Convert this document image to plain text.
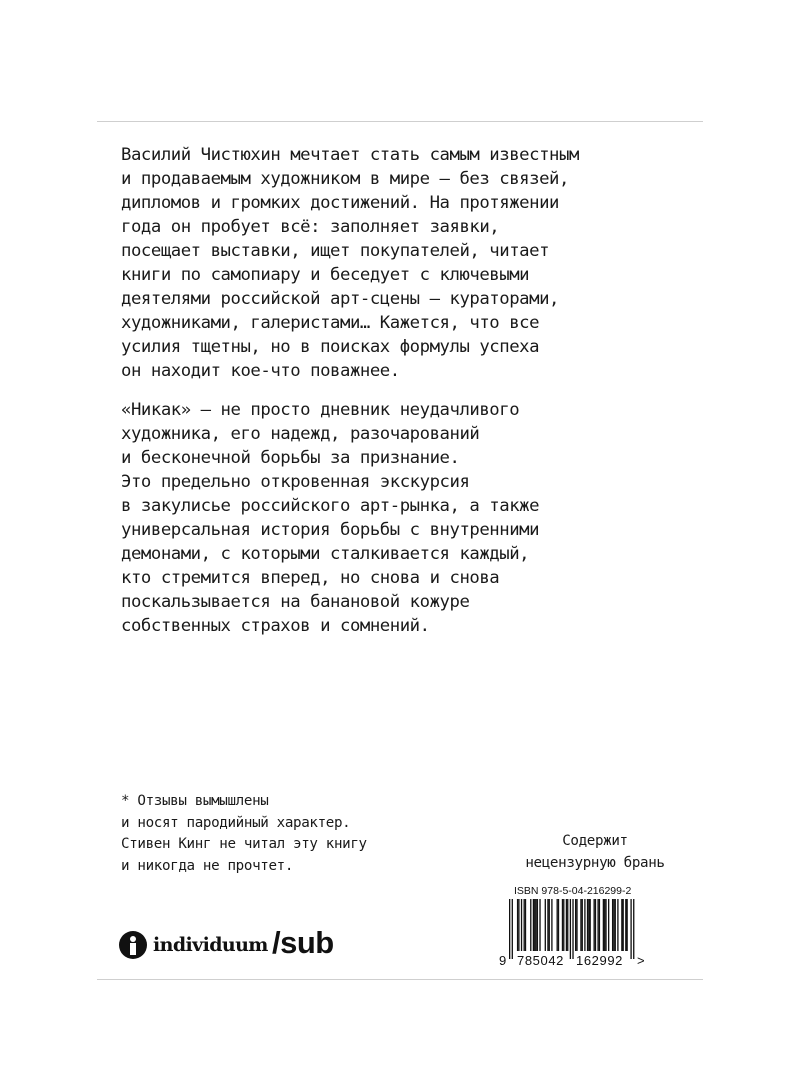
Василий Чистюхин мечтает стать самым известным
и продаваемым художником в мире — без связей,
дипломов и громких достижений. На протяжении
года он пробует всё: заполняет заявки,
посещает выставки, ищет покупателей, читает
книги по самопиару и беседует с ключевыми
деятелями российской арт-сцены — кураторами,
художниками, галеристами… Кажется, что все
усилия тщетны, но в поисках формулы успеха
он находит кое-что поважнее.
«Никак» — не просто дневник неудачливого
художника, его надежд, разочарований
и бесконечной борьбы за признание.
Это предельно откровенная экскурсия
в закулисье российского арт-рынка, а также
универсальная история борьбы с внутренними
демонами, с которыми сталкивается каждый,
кто стремится вперед, но снова и снова
поскальзывается на банановой кожуре
собственных страхов и сомнений.
* Отзывы вымышлены
и носят пародийный характер.
Стивен Кинг не читал эту книгу
и никогда не прочтет.
Содержит
нецензурную брань
ISBN 978-5-04-216299-2
9 785042 162992 >
individuum /sub
